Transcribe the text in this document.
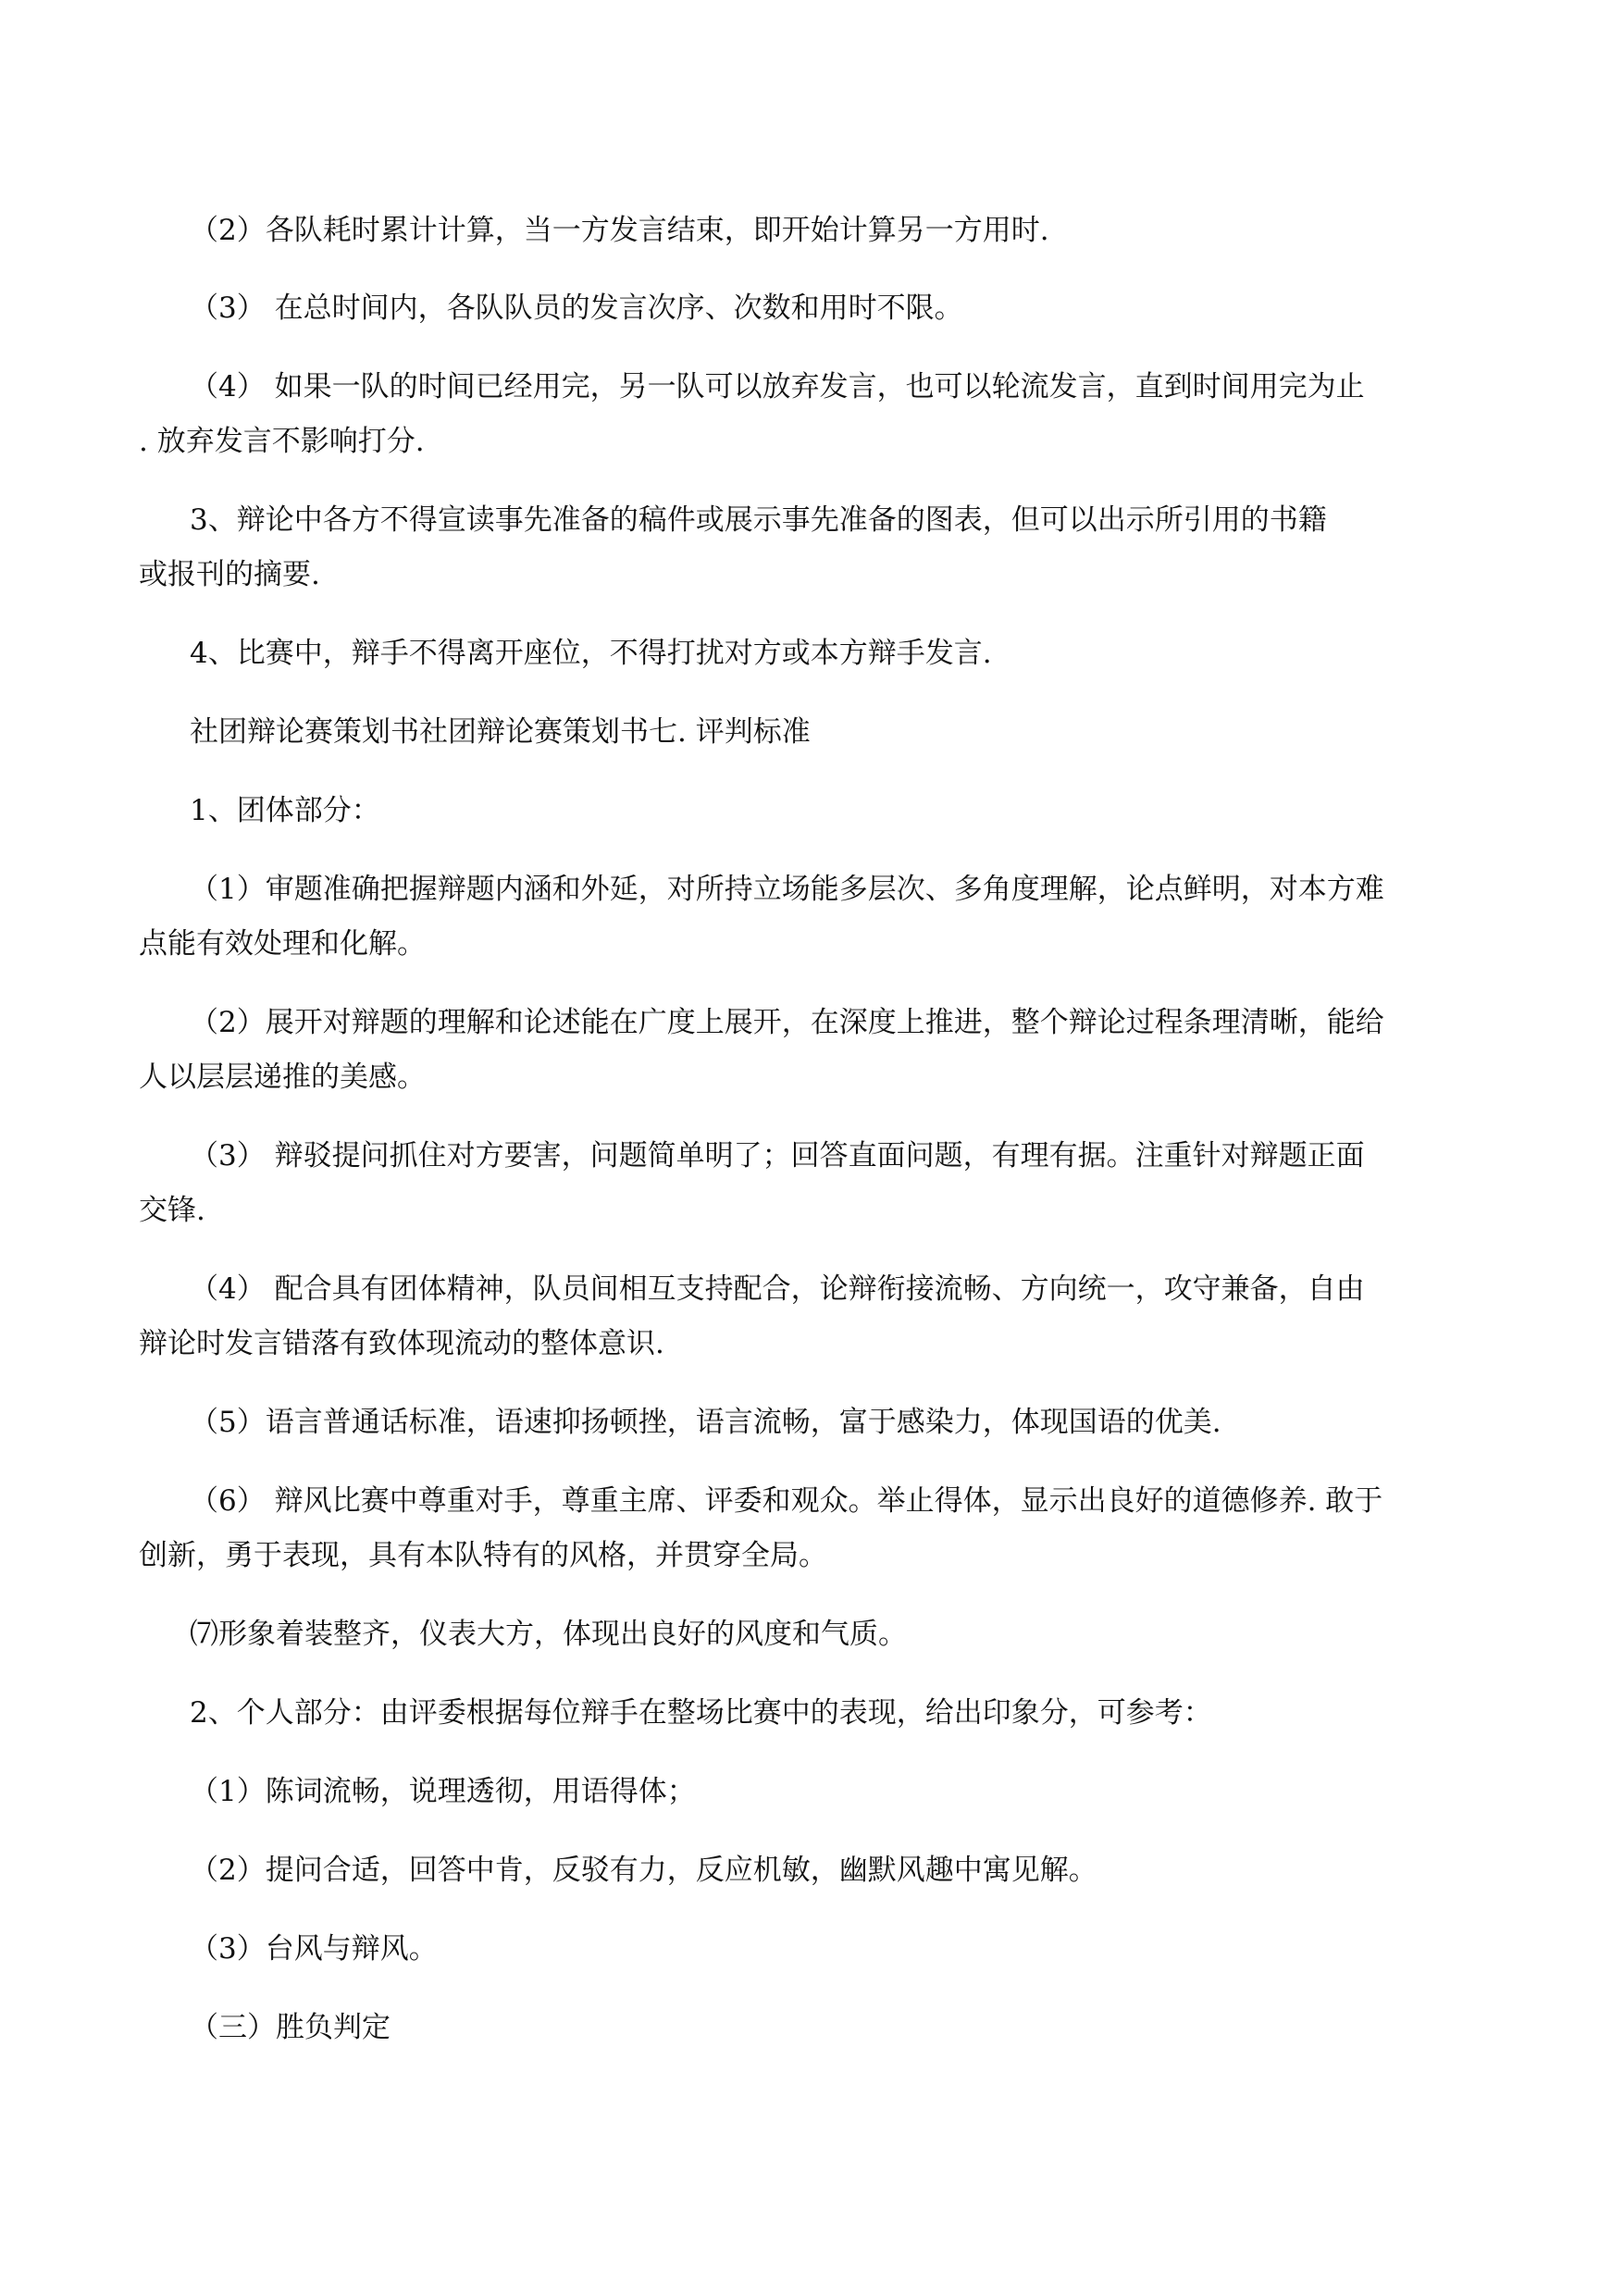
（2）各队耗时累计计算，当一方发言结束，即开始计算另一方用时.
（3） 在总时间内，各队队员的发言次序、次数和用时不限。
（4） 如果一队的时间已经用完，另一队可以放弃发言，也可以轮流发言，直到时间用完为止
. 放弃发言不影响打分.
3、辩论中各方不得宣读事先准备的稿件或展示事先准备的图表，但可以出示所引用的书籍
或报刊的摘要.
4、比赛中，辩手不得离开座位，不得打扰对方或本方辩手发言.
社团辩论赛策划书社团辩论赛策划书七. 评判标准
1、团体部分：
（1）审题准确把握辩题内涵和外延，对所持立场能多层次、多角度理解，论点鲜明，对本方难
点能有效处理和化解。
（2）展开对辩题的理解和论述能在广度上展开，在深度上推进，整个辩论过程条理清晰，能给
人以层层递推的美感。
（3） 辩驳提问抓住对方要害，问题简单明了；回答直面问题，有理有据。注重针对辩题正面
交锋.
（4） 配合具有团体精神，队员间相互支持配合，论辩衔接流畅、方向统一，攻守兼备，自由
辩论时发言错落有致体现流动的整体意识.
（5）语言普通话标准，语速抑扬顿挫，语言流畅，富于感染力，体现国语的优美.
（6） 辩风比赛中尊重对手，尊重主席、评委和观众。举止得体，显示出良好的道德修养. 敢于
创新，勇于表现，具有本队特有的风格，并贯穿全局。
⑺形象着装整齐，仪表大方，体现出良好的风度和气质。
2、个人部分：由评委根据每位辩手在整场比赛中的表现，给出印象分，可参考：
（1）陈词流畅，说理透彻，用语得体；
（2）提问合适，回答中肯，反驳有力，反应机敏，幽默风趣中寓见解。
（3）台风与辩风。
（三）胜负判定
